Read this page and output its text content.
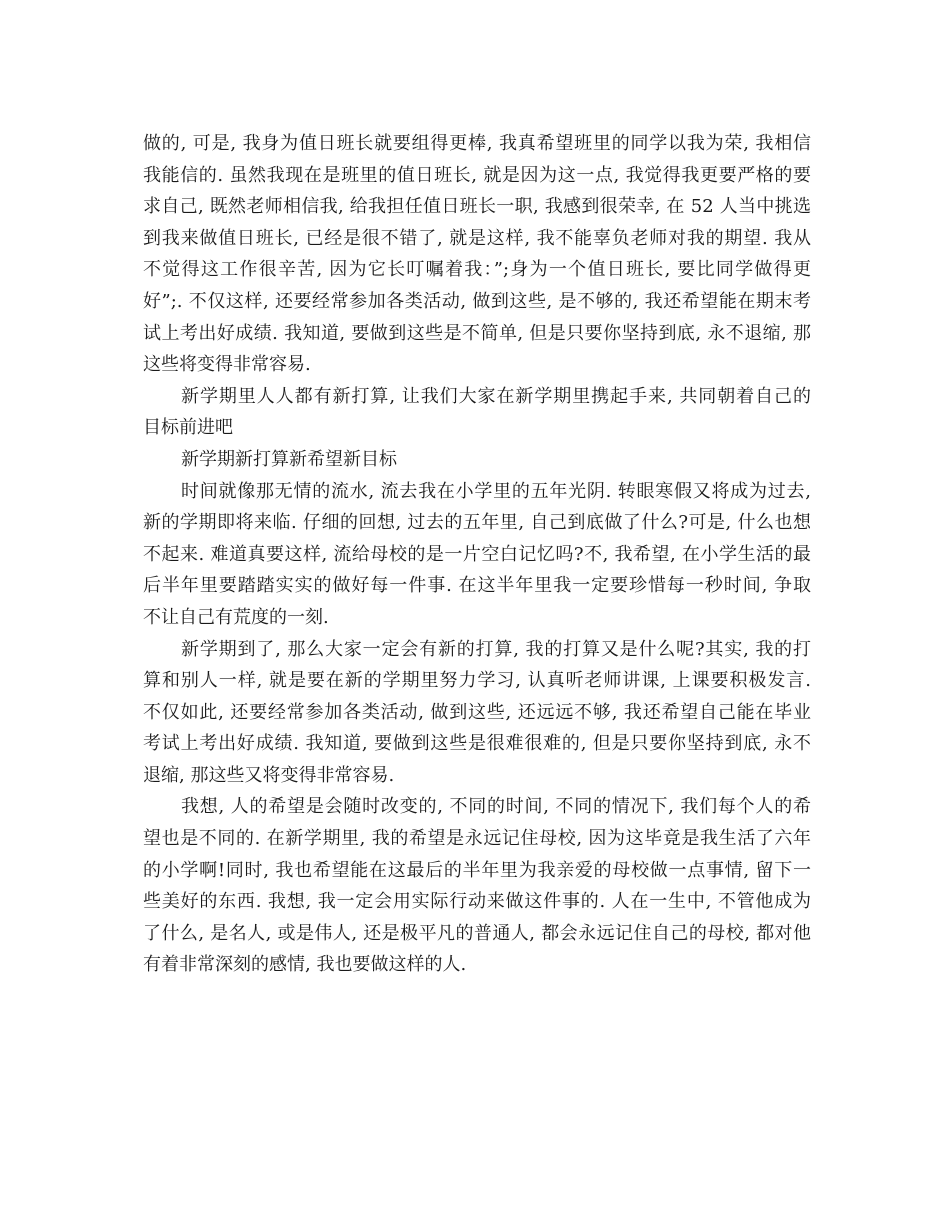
做的, 可是, 我身为值日班长就要组得更棒, 我真希望班里的同学以我为荣, 我相信
我能信的. 虽然我现在是班里的值日班长, 就是因为这一点, 我觉得我更要严格的要
求自己, 既然老师相信我, 给我担任值日班长一职, 我感到很荣幸, 在 52 人当中挑选
到我来做值日班长, 已经是很不错了, 就是这样, 我不能辜负老师对我的期望. 我从
不觉得这工作很辛苦, 因为它长叮嘱着我：”;身为一个值日班长, 要比同学做得更
好”;. 不仅这样, 还要经常参加各类活动, 做到这些, 是不够的, 我还希望能在期末考
试上考出好成绩. 我知道, 要做到这些是不简单, 但是只要你坚持到底, 永不退缩, 那
这些将变得非常容易.
新学期里人人都有新打算, 让我们大家在新学期里携起手来, 共同朝着自己的
目标前进吧
新学期新打算新希望新目标
时间就像那无情的流水, 流去我在小学里的五年光阴. 转眼寒假又将成为过去,
新的学期即将来临. 仔细的回想, 过去的五年里, 自己到底做了什么?可是, 什么也想
不起来. 难道真要这样, 流给母校的是一片空白记忆吗?不, 我希望, 在小学生活的最
后半年里要踏踏实实的做好每一件事. 在这半年里我一定要珍惜每一秒时间, 争取
不让自己有荒度的一刻.
新学期到了, 那么大家一定会有新的打算, 我的打算又是什么呢?其实, 我的打
算和别人一样, 就是要在新的学期里努力学习, 认真听老师讲课, 上课要积极发言.
不仅如此, 还要经常参加各类活动, 做到这些, 还远远不够, 我还希望自己能在毕业
考试上考出好成绩. 我知道, 要做到这些是很难很难的, 但是只要你坚持到底, 永不
退缩, 那这些又将变得非常容易.
我想, 人的希望是会随时改变的, 不同的时间, 不同的情况下, 我们每个人的希
望也是不同的. 在新学期里, 我的希望是永远记住母校, 因为这毕竟是我生活了六年
的小学啊!同时, 我也希望能在这最后的半年里为我亲爱的母校做一点事情, 留下一
些美好的东西. 我想, 我一定会用实际行动来做这件事的. 人在一生中, 不管他成为
了什么, 是名人, 或是伟人, 还是极平凡的普通人, 都会永远记住自己的母校, 都对他
有着非常深刻的感情, 我也要做这样的人.
